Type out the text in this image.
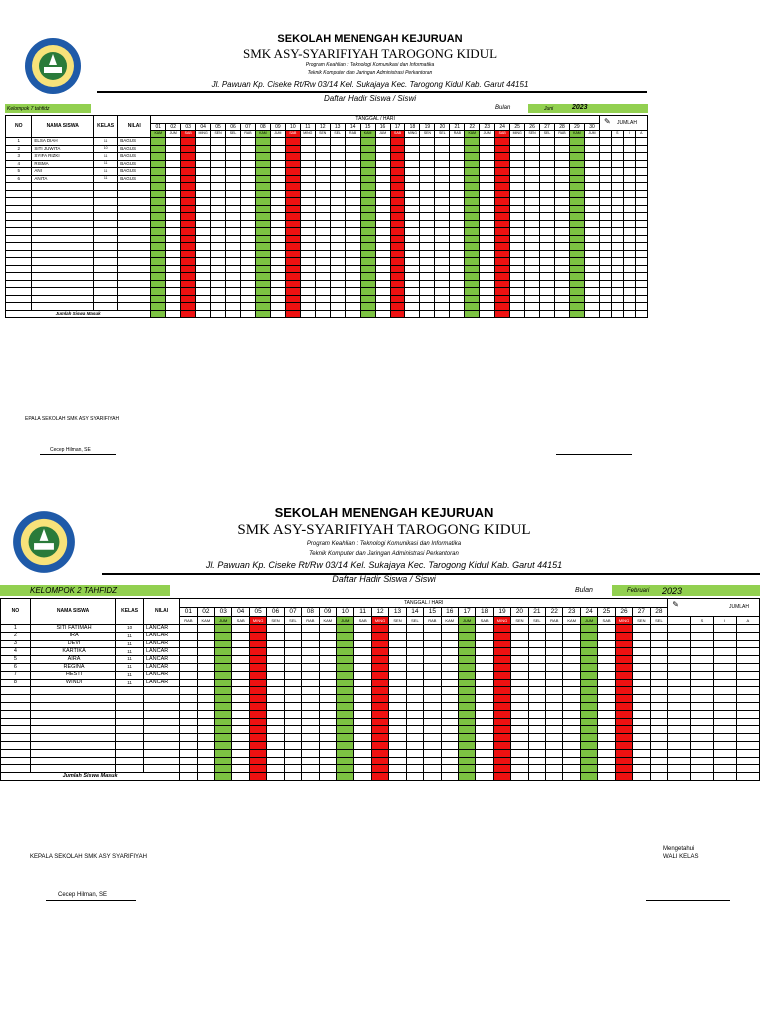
SEKOLAH MENENGAH KEJURUAN
SMK ASY-SYARIFIYAH TAROGONG KIDUL
Program Keahlian : Teknologi Komunikasi dan Informatika
Teknik Komputer dan Jaringan Administrasi Perkantoran
Jl. Pawuan Kp. Ciseke Rt/Rw 03/14 Kel. Sukajaya Kec. Tarogong Kidul Kab. Garut 44151
Daftar Hadir Siswa / Siswi
Kelompok 7 tahfidz	Bulan	Juni	2023
NO	NAMA SISWA	KELAS	NILAI	TANGGAL / HARI																														JUMLAH
✎			

				01	02	03	04	05	06	07	08	09	10	11	12	13	14	15	16	17	18	19	20	21	22	23	24	25	26	27	28	29	30				
				KAM	JUM	SAB	MING	SEN	SEL	RAB	KAM	JUM	SAB	MING	SEN	SEL	RAB	KAM	JUM	SAB	MING	SEN	SEL	RAB	KAM	JUM	SAB	MING	SEN	SEL	RAB	KAM	JUM		S	I	A
1	ELSA DIAH	11	BAGUS																																		
2	SITI JUWITA	10	BAGUS																																		
3	SYIFA RIZKI	11	BAGUS																																		
4	RISMA	11	BAGUS																																		
5	ANI	11	BAGUS																																		
6	ANITA	11	BAGUS																																		

Jumlah Siswa Masuk																																					
EPALA SEKOLAH SMK ASY SYARIFIYAH
Cecep Hilman, SE
SEKOLAH MENENGAH KEJURUAN
SMK ASY-SYARIFIYAH TAROGONG KIDUL
Program Keahlian : Teknologi Komunikasi dan Informatika
Teknik Komputer dan Jaringan Administrasi Perkantoran
Jl. Pawuan Kp. Ciseke Rt/Rw 03/14 Kel. Sukajaya Kec. Tarogong Kidul Kab. Garut 44151
Daftar Hadir Siswa / Siswi
KELOMPOK 2 TAHFIDZ	Bulan	Februari 2023
NO	NAMA SISWA	KELAS	NILAI	TANGGAL / HARI																												JUMLAH
✎			

				01	02	03	04	05	06	07	08	09	10	11	12	13	14	15	16	17	18	19	20	21	22	23	24	25	26	27	28				
				RAB	KAM	JUM	SAB	MING	SEN	SEL	RAB	KAM	JUM	SAB	MING	SEN	SEL	RAB	KAM	JUM	SAB	MING	SEN	SEL	RAB	KAM	JUM	SAB	MING	SEN	SEL		S	I	A
1	SITI FATIMAH	10	LANCAR																																
2	IRA	11	LANCAR																																
3	DEVI	11	LANCAR																																
4	KARTIKA	11	LANCAR																																
5	AIRA	11	LANCAR																																
6	REGINA	11	LANCAR																																
7	HESTI	11	LANCAR																																
8	WINDI	11	LANCAR																																

Jumlah Siswa Masuk																																			
Mengetahui
WALI KELAS
KEPALA SEKOLAH SMK ASY SYARIFIYAH
Cecep Hilman, SE
